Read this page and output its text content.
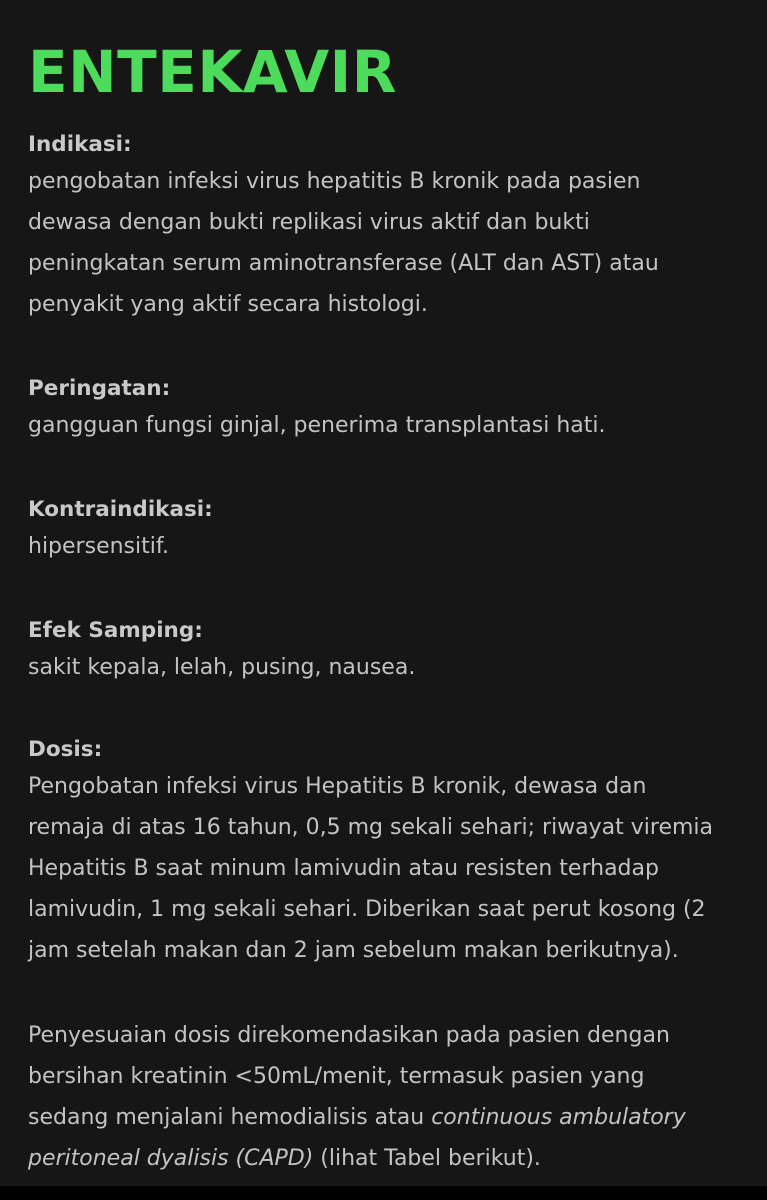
ENTEKAVIR

Indikasi:

pengobatan infeksi virus hepatitis B kronik pada pasien
dewasa dengan bukti replikasi virus aktif dan bukti
peningkatan serum aminotransferase (ALT dan AST) atau
penyakit yang aktif secara histologi.

Peringatan:

gangguan fungsi ginjal, penerima transplantasi hati.

Kontraindikasi:

hipersensitif.

Efek Samping:

sakit kepala, lelah, pusing, nausea.

Dosis:

Pengobatan infeksi virus Hepatitis B kronik, dewasa dan
remaja di atas 16 tahun, 0,5 mg sekali sehari; riwayat viremia
Hepatitis B saat minum lamivudin atau resisten terhadap
lamivudin, 1 mg sekali sehari. Diberikan saat perut kosong (2
jam setelah makan dan 2 jam sebelum makan berikutnya).

Penyesuaian dosis direkomendasikan pada pasien dengan
bersihan kreatinin <50mL/menit, termasuk pasien yang
sedang menjalani hemodialisis atau continuous ambulatory
peritoneal dyalisis (CAPD) (lihat Tabel berikut).
